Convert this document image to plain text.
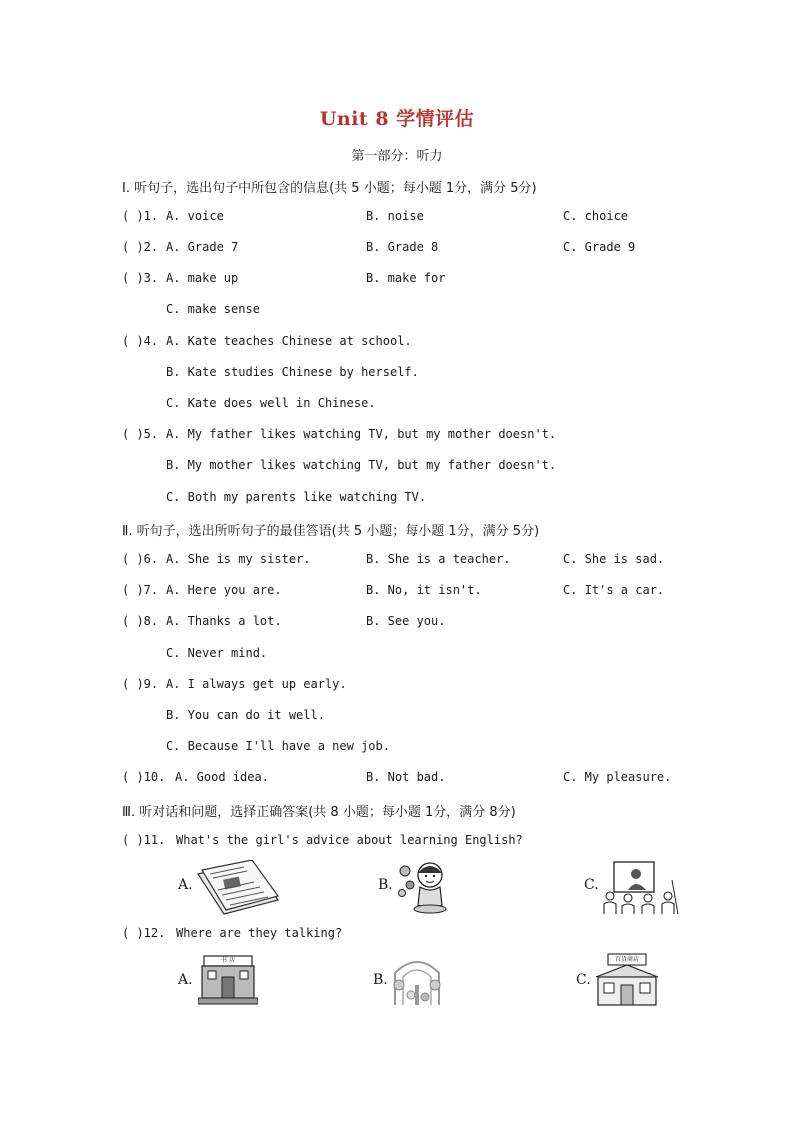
Unit 8 学情评估
第一部分：听力
Ⅰ. 听句子，选出句子中所包含的信息(共 5 小题；每小题 1分，满分 5分)
( )1. A. voice	B. noise	C. choice
( )2. A. Grade 7	B. Grade 8	C. Grade 9
( )3. A. make up	B. make for
C. make sense
( )4. A. Kate teaches Chinese at school.
B. Kate studies Chinese by herself.
C. Kate does well in Chinese.
( )5. A. My father likes watching TV, but my mother doesn't.
B. My mother likes watching TV, but my father doesn't.
C. Both my parents like watching TV.
Ⅱ. 听句子，选出所听句子的最佳答语(共 5 小题；每小题 1分，满分 5分)
( )6. A. She is my sister.	B. She is a teacher.	C. She is sad.
( )7. A. Here you are.	B. No, it isn't.	C. It's a car.
( )8. A. Thanks a lot.	B. See you.
C. Never mind.
( )9. A. I always get up early.
B. You can do it well.
C. Because I'll have a new job.
( )10. A. Good idea.	B. Not bad.	C. My pleasure.
Ⅲ. 听对话和问题，选择正确答案(共 8 小题；每小题 1分，满分 8分)
( )11. What's the girl's advice about learning English?
A.	B.	C.
( )12. Where are they talking?
A.
书 店
B.	C.
百货商店
